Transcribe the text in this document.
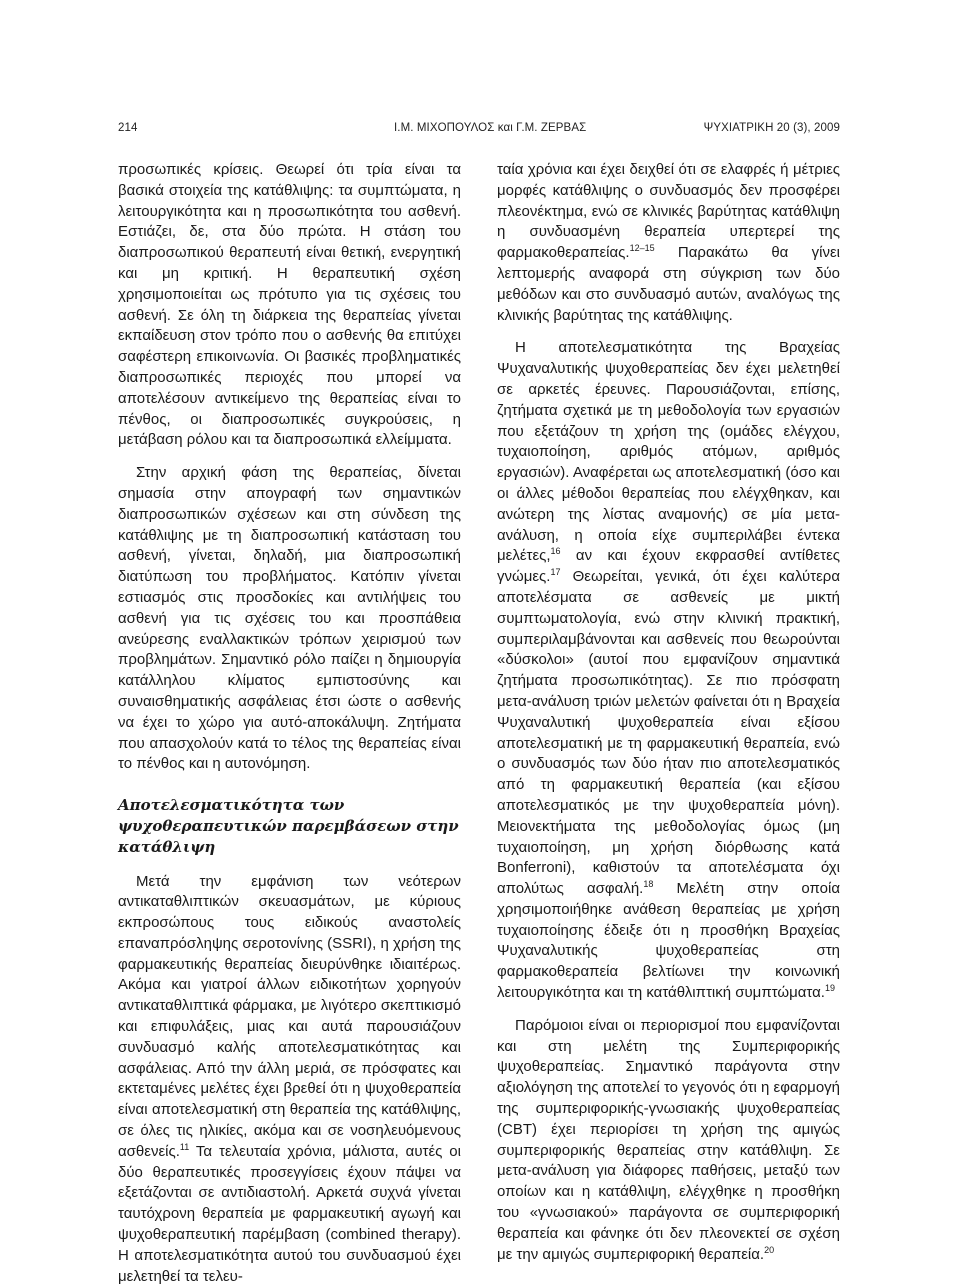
214	Ι.Μ. ΜΙΧΟΠΟΥΛΟΣ και Γ.Μ. ΖΕΡΒΑΣ	ΨΥΧΙΑΤΡΙΚΗ 20 (3), 2009

προσωπικές κρίσεις. Θεωρεί ότι τρία είναι τα βασικά στοιχεία της κατάθλιψης: τα συμπτώματα, η λειτουργικότητα και η προσωπικότητα του ασθενή. Εστιάζει, δε, στα δύο πρώτα. Η στάση του διαπροσωπικού θεραπευτή είναι θετική, ενεργητική και μη κριτική. Η θεραπευτική σχέση χρησιμοποιείται ως πρότυπο για τις σχέσεις του ασθενή. Σε όλη τη διάρκεια της θεραπείας γίνεται εκπαίδευση στον τρόπο που ο ασθενής θα επιτύχει σαφέστερη επικοινωνία. Οι βασικές προβληματικές διαπροσωπικές περιοχές που μπορεί να αποτελέσουν αντικείμενο της θεραπείας είναι το πένθος, οι διαπροσωπικές συγκρούσεις, η μετάβαση ρόλου και τα διαπροσωπικά ελλείμματα.

Στην αρχική φάση της θεραπείας, δίνεται σημασία στην απογραφή των σημαντικών διαπροσωπικών σχέσεων και στη σύνδεση της κατάθλιψης με τη διαπροσωπική κατάσταση του ασθενή, γίνεται, δηλαδή, μια διαπροσωπική διατύπωση του προβλήματος. Κατόπιν γίνεται εστιασμός στις προσδοκίες και αντιλήψεις του ασθενή για τις σχέσεις του και προσπάθεια ανεύρεσης εναλλακτικών τρόπων χειρισμού των προβλημάτων. Σημαντικό ρόλο παίζει η δημιουργία κατάλληλου κλίματος εμπιστοσύνης και συναισθηματικής ασφάλειας έτσι ώστε ο ασθενής να έχει το χώρο για αυτό-αποκάλυψη. Ζητήματα που απασχολούν κατά το τέλος της θεραπείας είναι το πένθος και η αυτονόμηση.

Αποτελεσματικότητα των ψυχοθεραπευτικών παρεμβάσεων στην κατάθλιψη

Μετά την εμφάνιση των νεότερων αντικαταθλιπτικών σκευασμάτων, με κύριους εκπροσώπους τους ειδικούς αναστολείς επαναπρόσληψης σεροτονίνης (SSRI), η χρήση της φαρμακευτικής θεραπείας διευρύνθηκε ιδιαιτέρως. Ακόμα και γιατροί άλλων ειδικοτήτων χορηγούν αντικαταθλιπτικά φάρμακα, με λιγότερο σκεπτικισμό και επιφυλάξεις, μιας και αυτά παρουσιάζουν συνδυασμό καλής αποτελεσματικότητας και ασφάλειας. Από την άλλη μεριά, σε πρόσφατες και εκτεταμένες μελέτες έχει βρεθεί ότι η ψυχοθεραπεία είναι αποτελεσματική στη θεραπεία της κατάθλιψης, σε όλες τις ηλικίες, ακόμα και σε νοσηλευόμενους ασθενείς.$^{11}$ Τα τελευταία χρόνια, μάλιστα, αυτές οι δύο θεραπευτικές προσεγγίσεις έχουν πάψει να εξετάζονται σε αντιδιαστολή. Αρκετά συχνά γίνεται ταυτόχρονη θεραπεία με φαρμακευτική αγωγή και ψυχοθεραπευτική παρέμβαση (combined therapy). Η αποτελεσματικότητα αυτού του συνδυασμού έχει μελετηθεί τα τελευ-

ταία χρόνια και έχει δειχθεί ότι σε ελαφρές ή μέτριες μορφές κατάθλιψης ο συνδυασμός δεν προσφέρει πλεονέκτημα, ενώ σε κλινικές βαρύτητας κατάθλιψη η συνδυασμένη θεραπεία υπερτερεί της φαρμακοθεραπείας.$^{12-15}$ Παρακάτω θα γίνει λεπτομερής αναφορά στη σύγκριση των δύο μεθόδων και στο συνδυασμό αυτών, αναλόγως της κλινικής βαρύτητας της κατάθλιψης.

Η αποτελεσματικότητα της Βραχείας Ψυχαναλυτικής ψυχοθεραπείας δεν έχει μελετηθεί σε αρκετές έρευνες. Παρουσιάζονται, επίσης, ζητήματα σχετικά με τη μεθοδολογία των εργασιών που εξετάζουν τη χρήση της (ομάδες ελέγχου, τυχαιοποίηση, αριθμός ατόμων, αριθμός εργασιών). Αναφέρεται ως αποτελεσματική (όσο και οι άλλες μέθοδοι θεραπείας που ελέγχθηκαν, και ανώτερη της λίστας αναμονής) σε μία μετα-ανάλυση, η οποία είχε συμπεριλάβει έντεκα μελέτες,$^{16}$ αν και έχουν εκφρασθεί αντίθετες γνώμες.$^{17}$ Θεωρείται, γενικά, ότι έχει καλύτερα αποτελέσματα σε ασθενείς με μικτή συμπτωματολογία, ενώ στην κλινική πρακτική, συμπεριλαμβάνονται και ασθενείς που θεωρούνται «δύσκολοι» (αυτοί που εμφανίζουν σημαντικά ζητήματα προσωπικότητας). Σε πιο πρόσφατη μετα-ανάλυση τριών μελετών φαίνεται ότι η Βραχεία Ψυχαναλυτική ψυχοθεραπεία είναι εξίσου αποτελεσματική με τη φαρμακευτική θεραπεία, ενώ ο συνδυασμός των δύο ήταν πιο αποτελεσματικός από τη φαρμακευτική θεραπεία (και εξίσου αποτελεσματικός με την ψυχοθεραπεία μόνη). Μειονεκτήματα της μεθοδολογίας όμως (μη τυχαιοποίηση, μη χρήση διόρθωσης κατά Bonferroni), καθιστούν τα αποτελέσματα όχι απολύτως ασφαλή.$^{18}$ Μελέτη στην οποία χρησιμοποιήθηκε ανάθεση θεραπείας με χρήση τυχαιοποίησης έδειξε ότι η προσθήκη Βραχείας Ψυχαναλυτικής ψυχοθεραπείας στη φαρμακοθεραπεία βελτίωνει την κοινωνική λειτουργικότητα και τη κατάθλιπτική συμπτώματα.$^{19}$

Παρόμοιοι είναι οι περιορισμοί που εμφανίζονται και στη μελέτη της Συμπεριφορικής ψυχοθεραπείας. Σημαντικό παράγοντα στην αξιολόγηση της αποτελεί το γεγονός ότι η εφαρμογή της συμπεριφορικής-γνωσιακής ψυχοθεραπείας (CBT) έχει περιορίσει τη χρήση της αμιγώς συμπεριφορικής θεραπείας στην κατάθλιψη. Σε μετα-ανάλυση για διάφορες παθήσεις, μεταξύ των οποίων και η κατάθλιψη, ελέγχθηκε η προσθήκη του «γνωσιακού» παράγοντα σε συμπεριφορική θεραπεία και φάνηκε ότι δεν πλεονεκτεί σε σχέση με την αμιγώς συμπεριφορική θεραπεία.$^{20}$
